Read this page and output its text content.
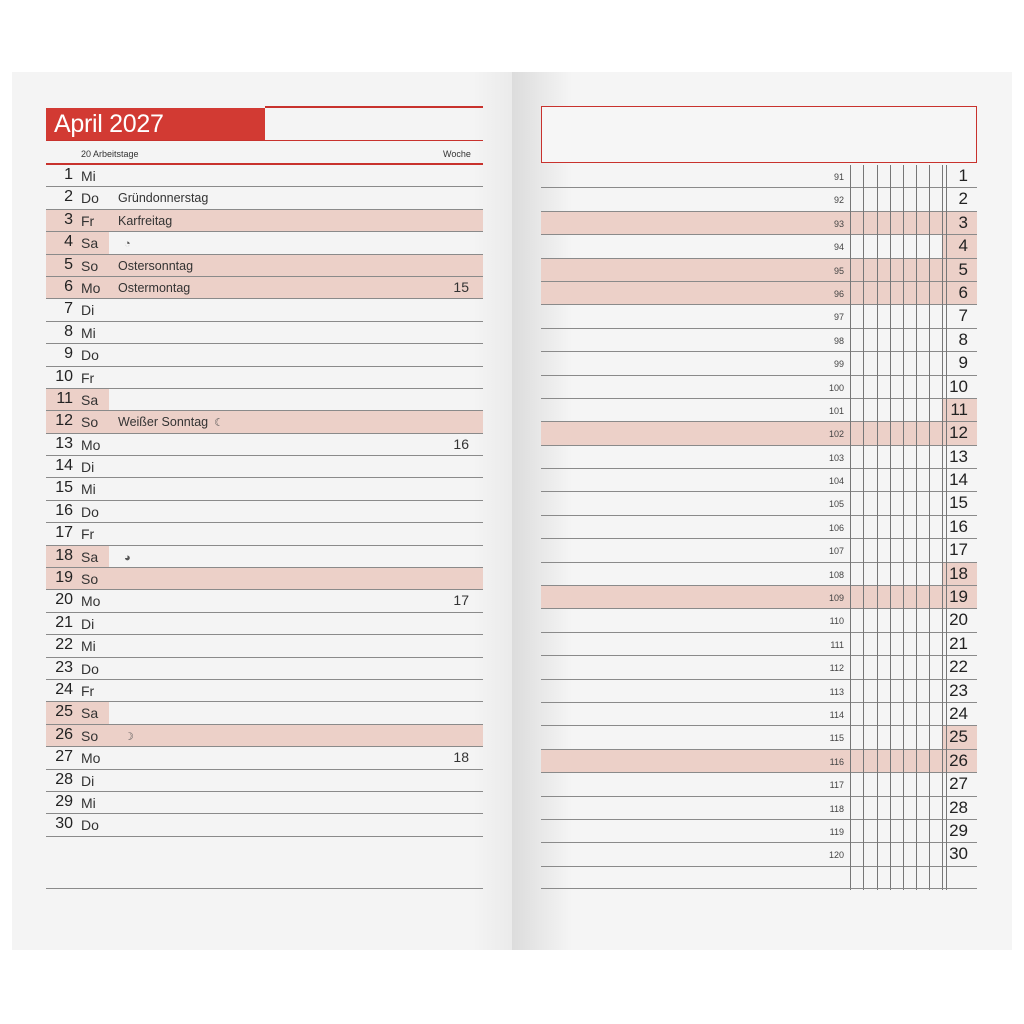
April 2027
20 Arbeitstage	Woche
1 Mi
2 Do Gründonnerstag
3 Fr Karfreitag
4 Sa	◔
5 So Ostersonntag
6 Mo Ostermontag	15
7 Di
8 Mi
9 Do
10 Fr
11 Sa
12 So Weißer Sonntag ☾
13 Mo	16
14 Di
15 Mi
16 Do
17 Fr
18 Sa	◕
19 So
20 Mo	17
21 Di
22 Mi
23 Do
24 Fr
25 Sa
26 So	☽
27 Mo	18
28 Di
29 Mi
30 Do
91	1
92	2
93	3
94	4
95	5
96	6
97	7
98	8
99	9
100	10
101	11
102	12
103	13
104	14
105	15
106	16
107	17
108	18
109	19
110	20
111	21
112	22
113	23
114	24
115	25
116	26
117	27
118	28
119	29
120	30
